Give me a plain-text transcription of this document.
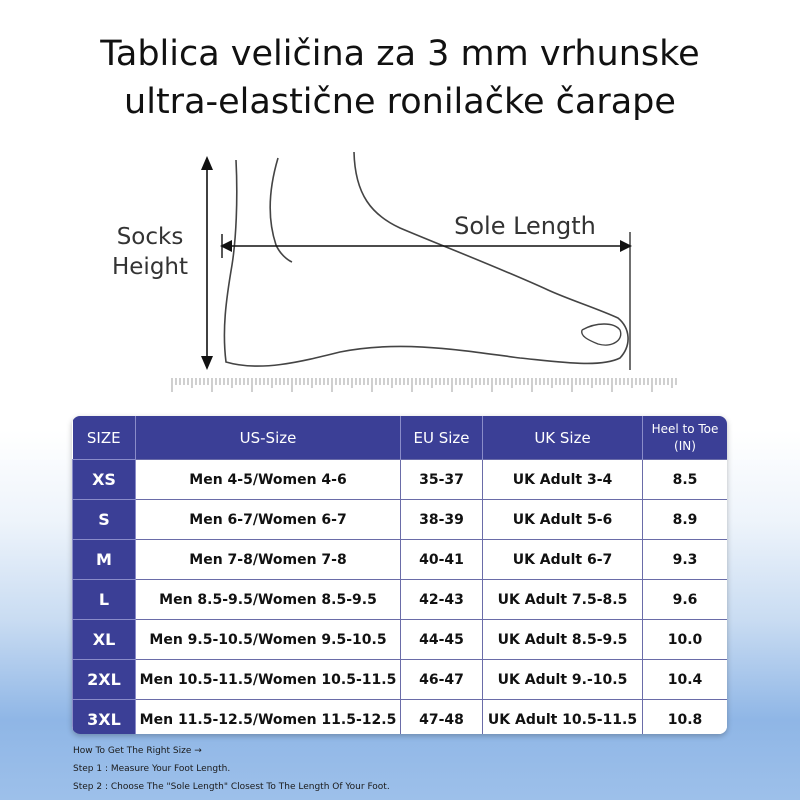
Tablica veličina za 3 mm vrhunske
ultra-elastične ronilačke čarape
Socks
Height
Sole Length
SIZE	US-Size	EU Size	UK Size	Heel to Toe
(IN)

XS	Men 4-5/Women 4-6	35-37	UK Adult 3-4	8.5
S	Men 6-7/Women 6-7	38-39	UK Adult 5-6	8.9
M	Men 7-8/Women 7-8	40-41	UK Adult 6-7	9.3
L	Men 8.5-9.5/Women 8.5-9.5	42-43	UK Adult 7.5-8.5	9.6
XL	Men 9.5-10.5/Women 9.5-10.5	44-45	UK Adult 8.5-9.5	10.0
2XL	Men 10.5-11.5/Women 10.5-11.5	46-47	UK Adult 9.-10.5	10.4
3XL	Men 11.5-12.5/Women 11.5-12.5	47-48	UK Adult 10.5-11.5	10.8
How To Get The Right Size →
Step 1 : Measure Your Foot Length.
Step 2 : Choose The "Sole Length" Closest To The Length Of Your Foot.
